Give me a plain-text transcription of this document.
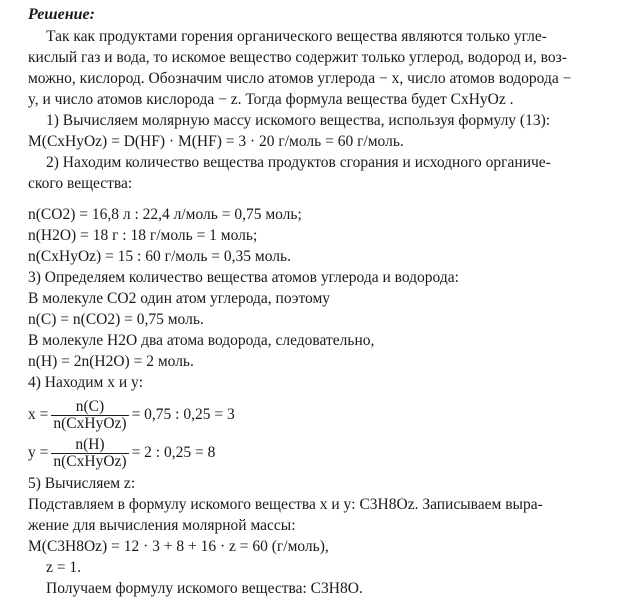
Решение:
Так как продуктами горения органического вещества являются только угле-
кислый газ и вода, то искомое вещество содержит только углерод, водород и, воз-
можно, кислород. Обозначим число атомов углерода − x, число атомов водорода −
y, и число атомов кислорода − z. Тогда формула вещества будет CxHyOz .
1) Вычисляем молярную массу искомого вещества, используя формулу (13):
M(CxHyOz) = D(HF) · M(HF) = 3 · 20 г/моль = 60 г/моль.
2) Находим количество вещества продуктов сгорания и исходного органиче-
ского вещества:
n(CO2) = 16,8 л : 22,4 л/моль = 0,75 моль;
n(H2O) = 18 г : 18 г/моль = 1 моль;
n(CxHyOz) = 15 : 60 г/моль = 0,35 моль.
3) Определяем количество вещества атомов углерода и водорода:
В молекуле CO2 один атом углерода, поэтому
n(C) = n(CO2) = 0,75 моль.
В молекуле H2O два атома водорода, следовательно,
n(H) = 2n(H2O) = 2 моль.
4) Находим x и y:
$x = \frac{n(C)}{\text{n(CxHyOz)}} = 0,75$ : 0,25 = 3
$y = \frac{n(H)}{\text{n(CxHyOz)}} = 2$ : 0,25 = 8
5) Вычисляем z:
Подставляем в формулу искомого вещества x и y: C3H8Oz. Записываем выра-
жение для вычисления молярной массы:
M(C3H8Oz) = 12 · 3 + 8 + 16 · z = 60 (г/моль),
z = 1.
Получаем формулу искомого вещества: C3H8O.
